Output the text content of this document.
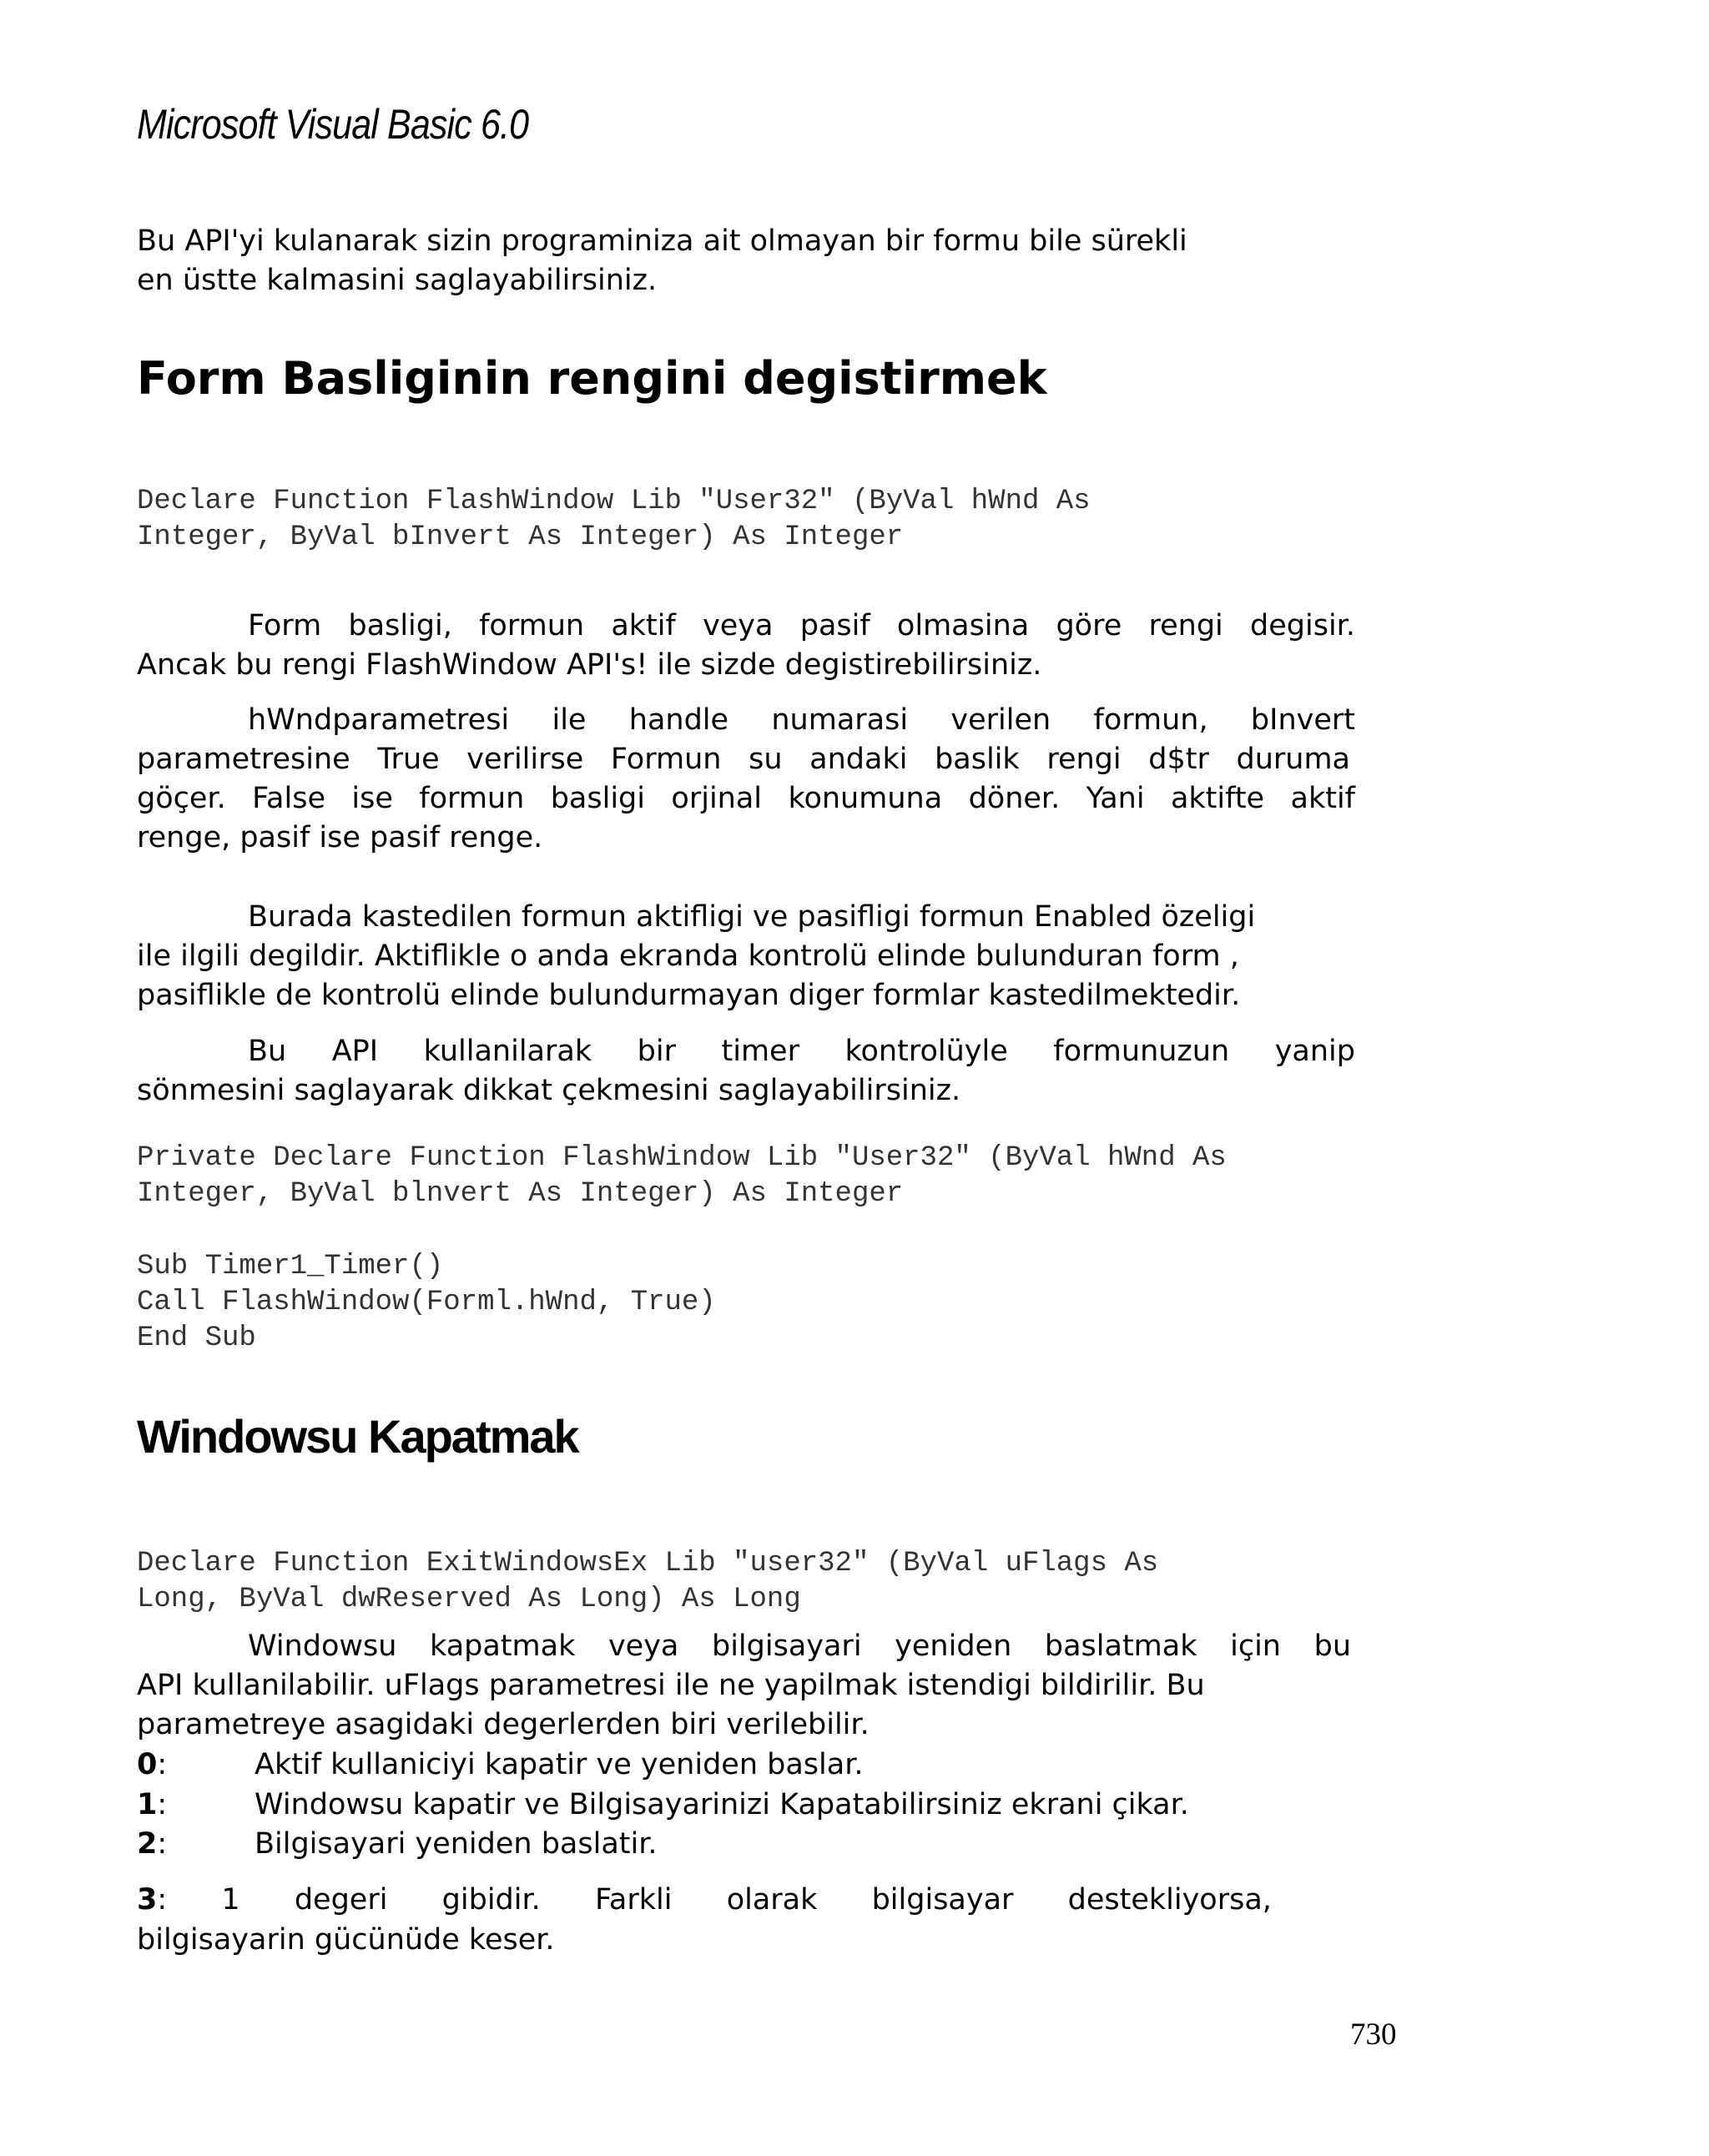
Microsoft Visual Basic 6.0
Bu API'yi kulanarak sizin programiniza ait olmayan bir formu bile sürekli
en üstte kalmasini saglayabilirsiniz.
Form Basliginin rengini degistirmek
Declare Function FlashWindow Lib "User32" (ByVal hWnd As
Integer, ByVal bInvert As Integer) As Integer
Form basligi, formun aktif veya pasif olmasina göre rengi degisir.
Ancak bu rengi FlashWindow API's! ile sizde degistirebilirsiniz.
hWndparametresi ile handle numarasi verilen formun, bInvert
parametresine True verilirse Formun su andaki baslik rengi d$tr duruma
göçer. False ise formun basligi orjinal konumuna döner. Yani aktifte aktif
renge, pasif ise pasif renge.
Burada kastedilen formun aktifligi ve pasifligi formun Enabled özeligi
ile ilgili degildir. Aktiflikle o anda ekranda kontrolü elinde bulunduran form ,
pasiflikle de kontrolü elinde bulundurmayan diger formlar kastedilmektedir.
Bu API kullanilarak bir timer kontrolüyle formunuzun yanip
sönmesini saglayarak dikkat çekmesini saglayabilirsiniz.
Private Declare Function FlashWindow Lib "User32" (ByVal hWnd As
Integer, ByVal blnvert As Integer) As Integer
Sub Timer1_Timer()
Call FlashWindow(Forml.hWnd, True)
End Sub
Windowsu Kapatmak
Declare Function ExitWindowsEx Lib "user32" (ByVal uFlags As
Long, ByVal dwReserved As Long) As Long
Windowsu kapatmak veya bilgisayari yeniden baslatmak için bu
API kullanilabilir. uFlags parametresi ile ne yapilmak istendigi bildirilir. Bu
parametreye asagidaki degerlerden biri verilebilir.
0:	Aktif kullaniciyi kapatir ve yeniden baslar.
1:	Windowsu kapatir ve Bilgisayarinizi Kapatabilirsiniz ekrani çikar.
2:	Bilgisayari yeniden baslatir.
3: 1 degeri gibidir. Farkli olarak bilgisayar destekliyorsa,
bilgisayarin gücünüde keser.
730
